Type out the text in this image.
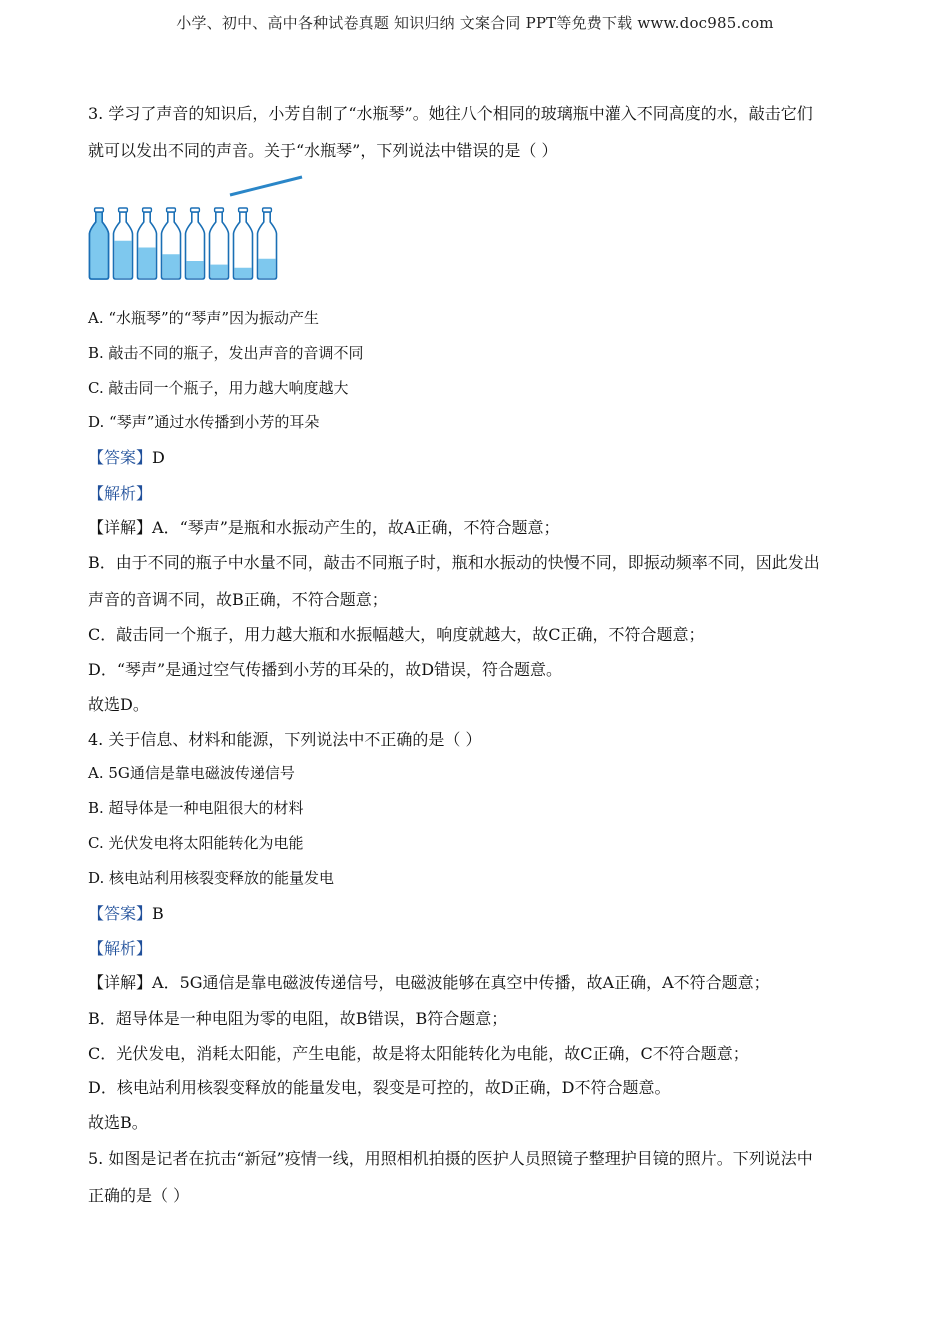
小学、初中、高中各种试卷真题 知识归纳 文案合同 PPT等免费下载 www.doc985.com
3. 学习了声音的知识后，小芳自制了“水瓶琴”。她往八个相同的玻璃瓶中灌入不同高度的水，敲击它们
就可以发出不同的声音。关于“水瓶琴”，下列说法中错误的是（ ）
A. “水瓶琴”的“琴声”因为振动产生
B. 敲击不同的瓶子，发出声音的音调不同
C. 敲击同一个瓶子，用力越大响度越大
D. “琴声”通过水传播到小芳的耳朵
【答案】D
【解析】
【详解】A．“琴声”是瓶和水振动产生的，故A正确，不符合题意；
B．由于不同的瓶子中水量不同，敲击不同瓶子时，瓶和水振动的快慢不同，即振动频率不同，因此发出
声音的音调不同，故B正确，不符合题意；
C．敲击同一个瓶子，用力越大瓶和水振幅越大，响度就越大，故C正确，不符合题意；
D．“琴声”是通过空气传播到小芳的耳朵的，故D错误，符合题意。
故选D。
4. 关于信息、材料和能源，下列说法中不正确的是（ ）
A. 5G通信是靠电磁波传递信号
B. 超导体是一种电阻很大的材料
C. 光伏发电将太阳能转化为电能
D. 核电站利用核裂变释放的能量发电
【答案】B
【解析】
【详解】A．5G通信是靠电磁波传递信号，电磁波能够在真空中传播，故A正确，A不符合题意；
B．超导体是一种电阻为零的电阻，故B错误，B符合题意；
C．光伏发电，消耗太阳能，产生电能，故是将太阳能转化为电能，故C正确，C不符合题意；
D．核电站利用核裂变释放的能量发电，裂变是可控的，故D正确，D不符合题意。
故选B。
5. 如图是记者在抗击“新冠”疫情一线，用照相机拍摄的医护人员照镜子整理护目镜的照片。下列说法中
正确的是（ ）
